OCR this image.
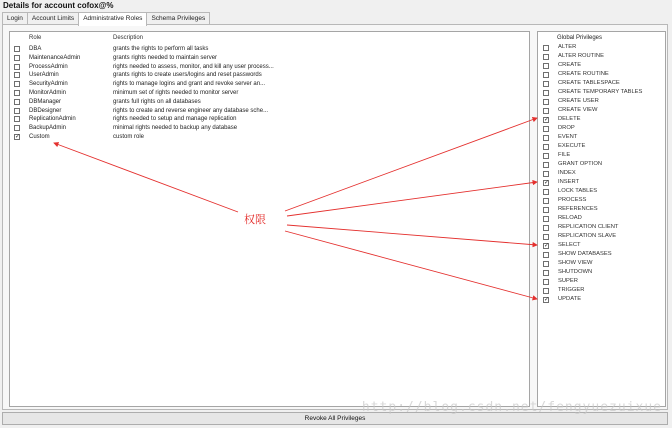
Details for account cofox@%
Login	Account Limits	Administrative Roles	Schema Privileges
Role	Description
DBA	grants the rights to perform all tasks
MaintenanceAdmin	grants rights needed to maintain server
ProcessAdmin	rights needed to assess, monitor, and kill any user process...
UserAdmin	grants rights to create users/logins and reset passwords
SecurityAdmin	rights to manage logins and grant and revoke server an...
MonitorAdmin	minimum set of rights needed to monitor server
DBManager	grants full rights on all databases
DBDesigner	rights to create and reverse engineer any database sche...
ReplicationAdmin	rights needed to setup and manage replication
BackupAdmin	minimal rights needed to backup any database
✓ Custom	custom role
Global Privileges
ALTER
ALTER ROUTINE
CREATE
CREATE ROUTINE
CREATE TABLESPACE
CREATE TEMPORARY TABLES
CREATE USER
CREATE VIEW
✓ DELETE
DROP
EVENT
EXECUTE
FILE
GRANT OPTION
INDEX
✓ INSERT
LOCK TABLES
PROCESS
REFERENCES
RELOAD
REPLICATION CLIENT
REPLICATION SLAVE
✓ SELECT
SHOW DATABASES
SHOW VIEW
SHUTDOWN
SUPER
TRIGGER
✓ UPDATE
Revoke All Privileges
权限
http://blog.csdn.net/fengyuezuixue
